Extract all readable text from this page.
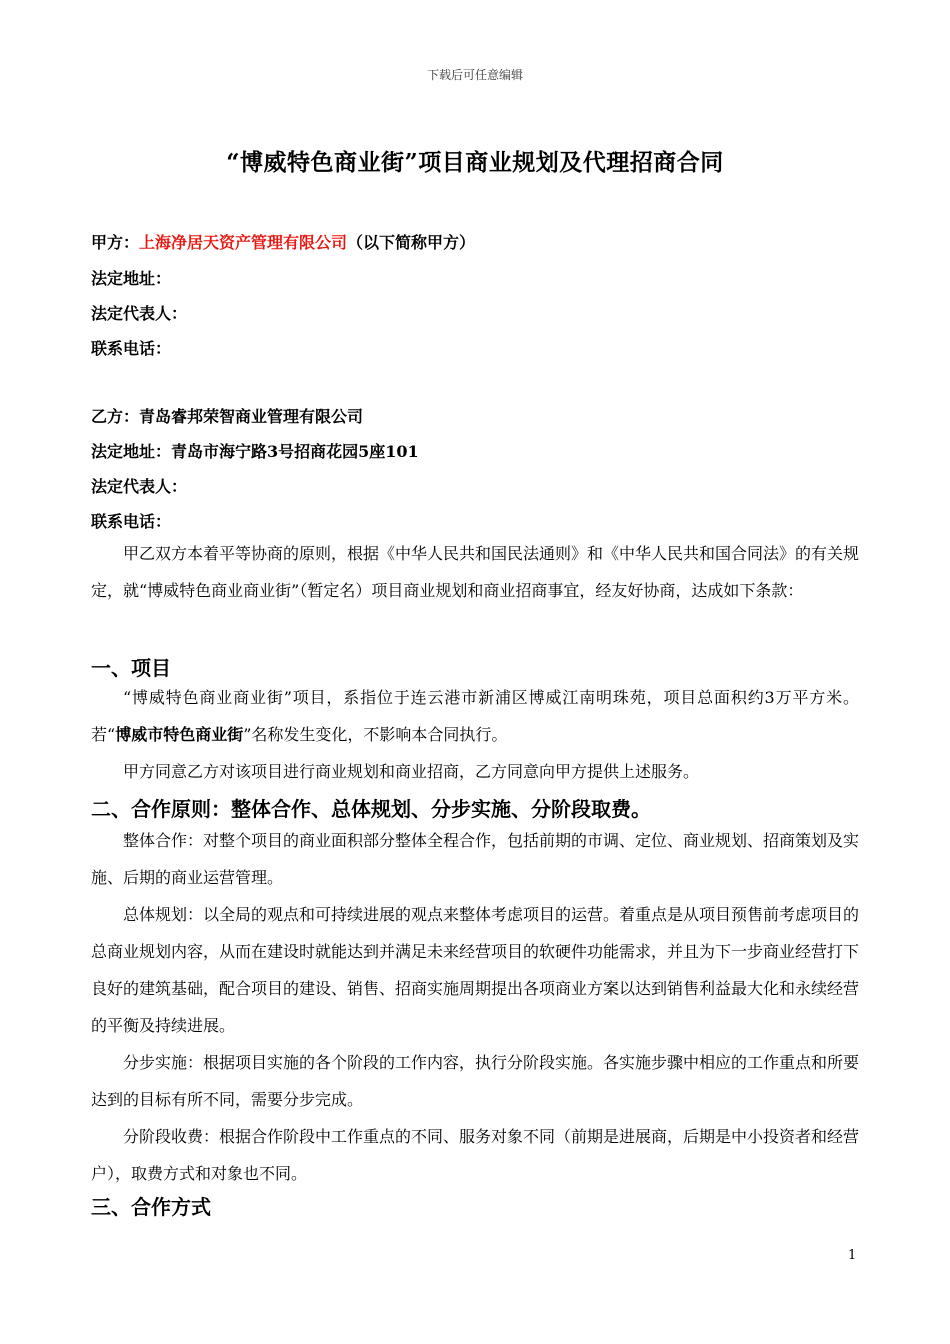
下载后可任意编辑
“博威特色商业街”项目商业规划及代理招商合同
甲方：上海净居天资产管理有限公司（以下简称甲方）
法定地址：
法定代表人：
联系电话：
乙方：青岛睿邦荣智商业管理有限公司
法定地址：青岛市海宁路3号招商花园5座101
法定代表人：
联系电话：
甲乙双方本着平等协商的原则，根据《中华人民共和国民法通则》和《中华人民共和国合同法》的有关规定，就“博威特色商业商业街”（暂定名）项目商业规划和商业招商事宜，经友好协商，达成如下条款：
一、项目
“博威特色商业商业街”项目，系指位于连云港市新浦区博威江南明珠苑，项目总面积约3万平方米。若“博威市特色商业街”名称发生变化，不影响本合同执行。
甲方同意乙方对该项目进行商业规划和商业招商，乙方同意向甲方提供上述服务。
二、合作原则：整体合作、总体规划、分步实施、分阶段取费。
整体合作：对整个项目的商业面积部分整体全程合作，包括前期的市调、定位、商业规划、招商策划及实施、后期的商业运营管理。
总体规划：以全局的观点和可持续进展的观点来整体考虑项目的运营。着重点是从项目预售前考虑项目的总商业规划内容，从而在建设时就能达到并满足未来经营项目的软硬件功能需求，并且为下一步商业经营打下良好的建筑基础，配合项目的建设、销售、招商实施周期提出各项商业方案以达到销售利益最大化和永续经营的平衡及持续进展。
分步实施：根据项目实施的各个阶段的工作内容，执行分阶段实施。各实施步骤中相应的工作重点和所要达到的目标有所不同，需要分步完成。
分阶段收费：根据合作阶段中工作重点的不同、服务对象不同（前期是进展商，后期是中小投资者和经营户），取费方式和对象也不同。
三、合作方式
1
